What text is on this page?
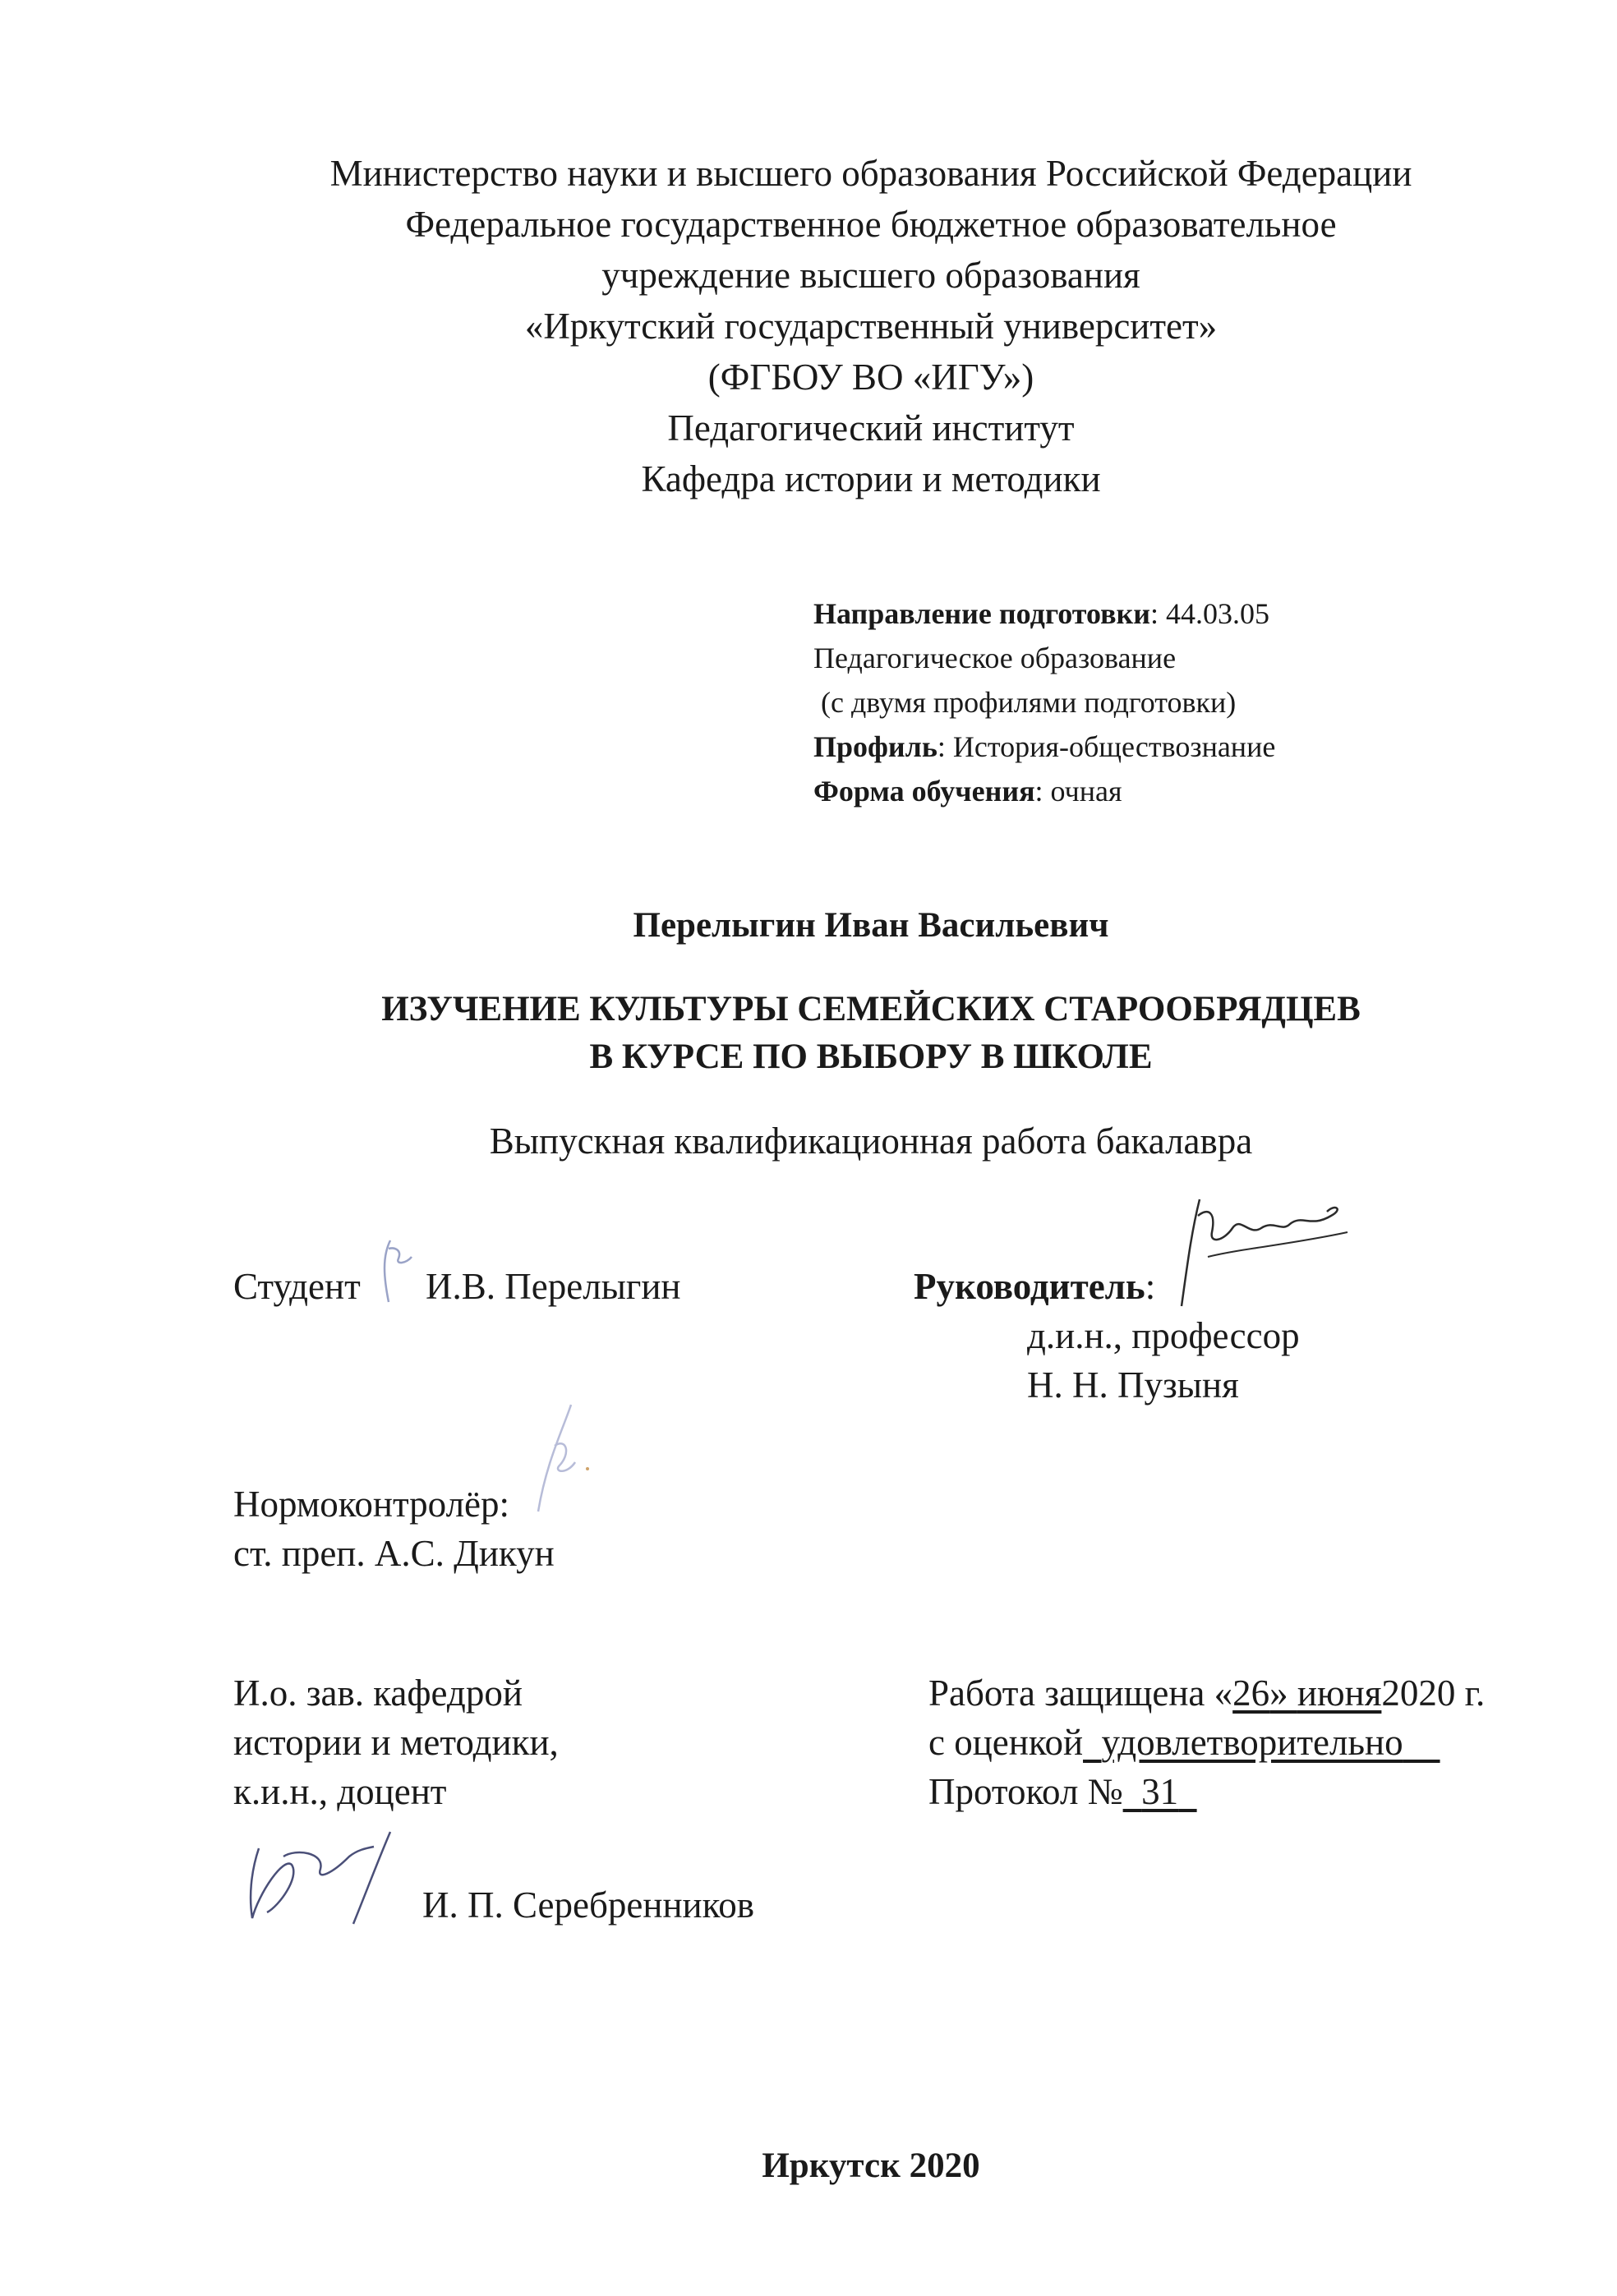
Министерство науки и высшего образования Российской Федерации
Федеральное государственное бюджетное образовательное
учреждение высшего образования
«Иркутский государственный университет»
(ФГБОУ ВО «ИГУ»)
Педагогический институт
Кафедра истории и методики
Направление подготовки: 44.03.05
Педагогическое образование
(с двумя профилями подготовки)
Профиль: История-обществознание
Форма обучения: очная
Перелыгин Иван Васильевич
ИЗУЧЕНИЕ КУЛЬТУРЫ СЕМЕЙСКИХ СТАРООБРЯДЦЕВ
В КУРСЕ ПО ВЫБОРУ В ШКОЛЕ
Выпускная квалификационная работа бакалавра
Студент И.В. Перелыгин	Руководитель:
д.и.н., профессор
Н. Н. Пузыня
Нормоконтролёр:
ст. преп. А.С. Дикун
И.о. зав. кафедрой
истории и методики,
к.и.н., доцент
И. П. Серебренников
Работа защищена «26» июня2020 г.
с оценкой удовлетворительно
Протокол № 31
Иркутск 2020
